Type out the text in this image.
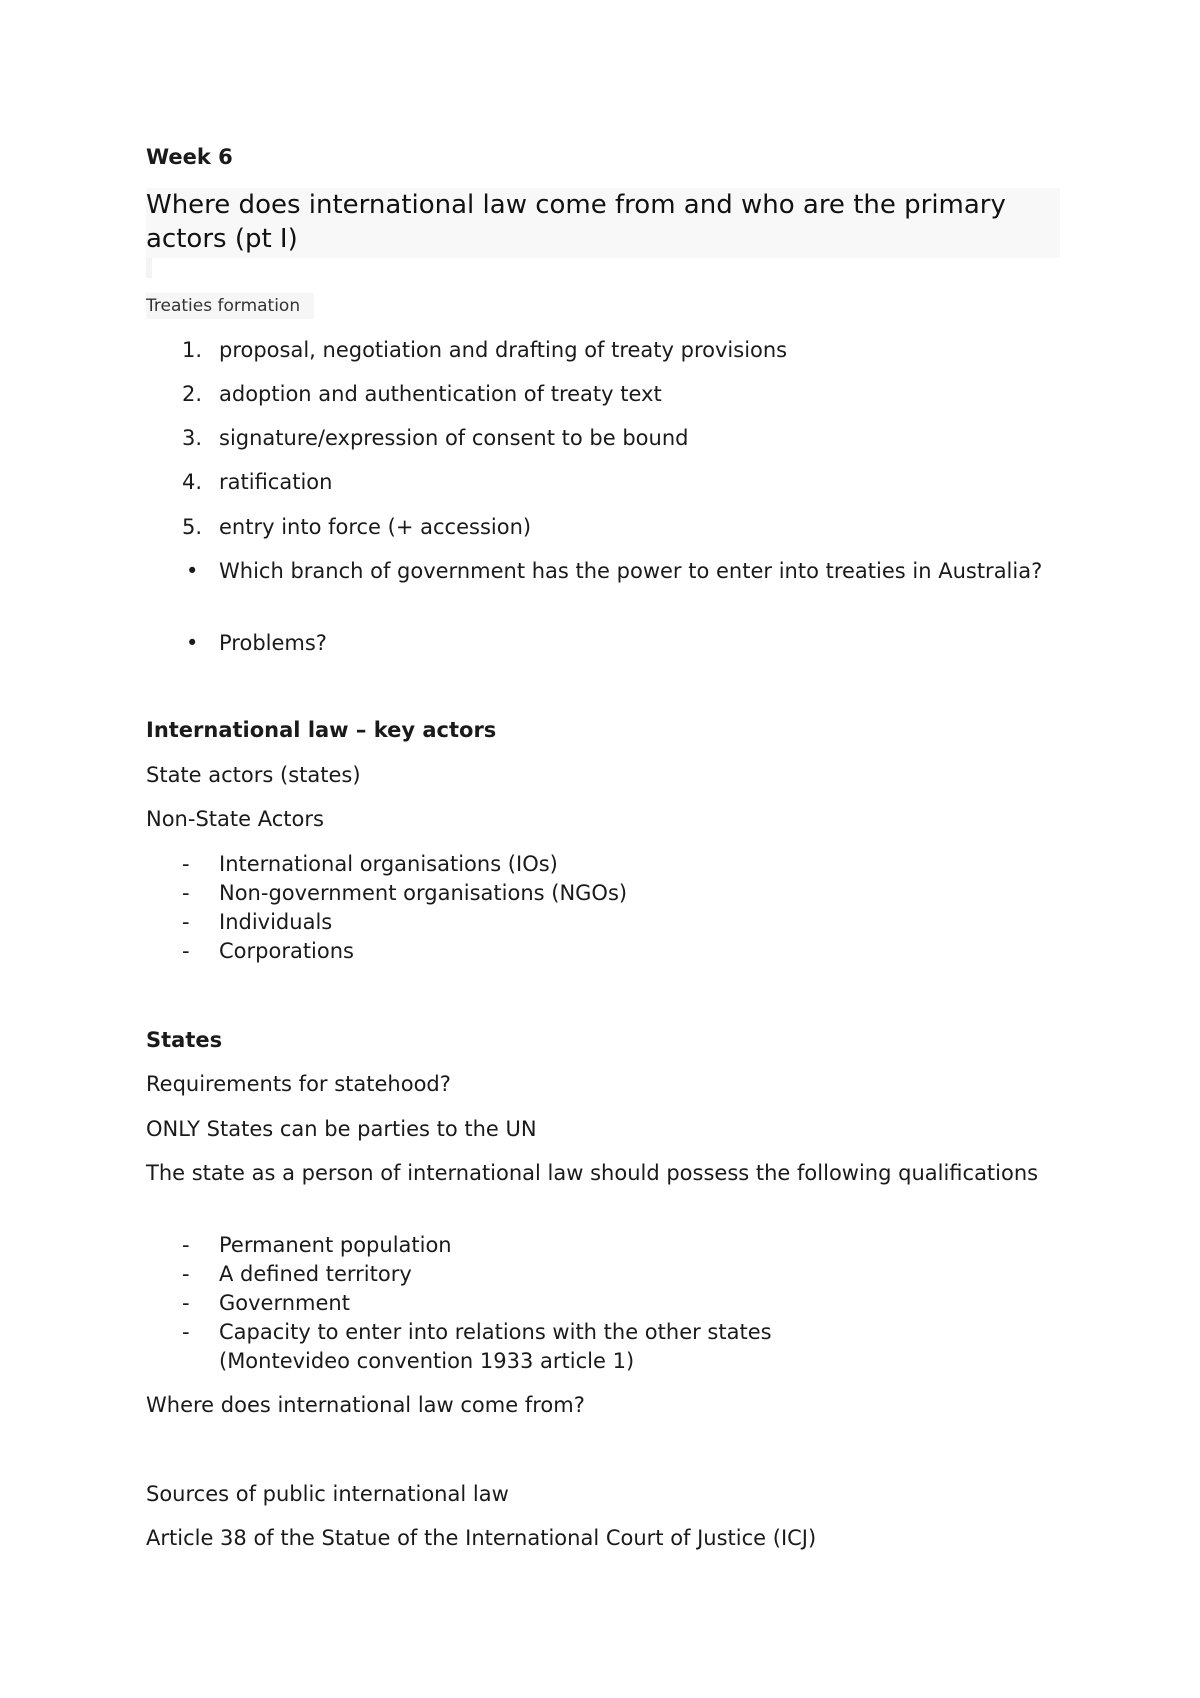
Week 6

Where does international law come from and who are the primary actors (pt I)
Treaties formation
1. proposal, negotiation and drafting of treaty provisions
2. adoption and authentication of treaty text
3. signature/expression of consent to be bound
4. ratification
5. entry into force (+ accession)
• Which branch of government has the power to enter into treaties in Australia?
• Problems?

International law – key actors

State actors (states)

Non-State Actors

-	International organisations (IOs)
-	Non-government organisations (NGOs)
-	Individuals
-	Corporations

States

Requirements for statehood?

ONLY States can be parties to the UN

The state as a person of international law should possess the following qualifications

-	Permanent population
-	A defined territory
-	Government
-	Capacity to enter into relations with the other states
(Montevideo convention 1933 article 1)

Where does international law come from?

Sources of public international law

Article 38 of the Statue of the International Court of Justice (ICJ)
